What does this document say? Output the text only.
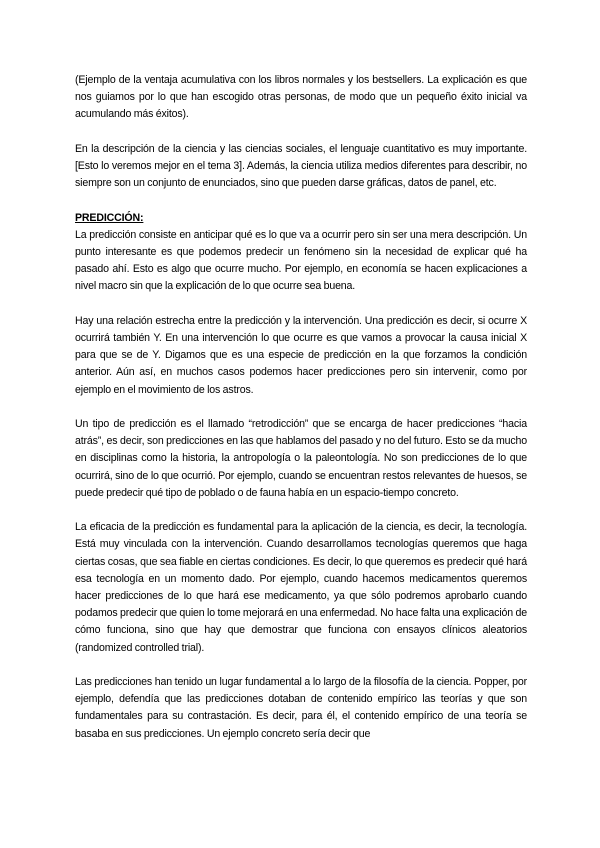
(Ejemplo de la ventaja acumulativa con los libros normales y los bestsellers. La explicación es que nos guiamos por lo que han escogido otras personas, de modo que un pequeño éxito inicial va acumulando más éxitos).

En la descripción de la ciencia y las ciencias sociales, el lenguaje cuantitativo es muy importante. [Esto lo veremos mejor en el tema 3]. Además, la ciencia utiliza medios diferentes para describir, no siempre son un conjunto de enunciados, sino que pueden darse gráficas, datos de panel, etc.

PREDICCIÓN:

La predicción consiste en anticipar qué es lo que va a ocurrir pero sin ser una mera descripción. Un punto interesante es que podemos predecir un fenómeno sin la necesidad de explicar qué ha pasado ahí. Esto es algo que ocurre mucho. Por ejemplo, en economía se hacen explicaciones a nivel macro sin que la explicación de lo que ocurre sea buena.

Hay una relación estrecha entre la predicción y la intervención. Una predicción es decir, si ocurre X ocurrirá también Y. En una intervención lo que ocurre es que vamos a provocar la causa inicial X para que se de Y. Digamos que es una especie de predicción en la que forzamos la condición anterior. Aún así, en muchos casos podemos hacer predicciones pero sin intervenir, como por ejemplo en el movimiento de los astros.

Un tipo de predicción es el llamado “retrodicción” que se encarga de hacer predicciones “hacia atrás”, es decir, son predicciones en las que hablamos del pasado y no del futuro. Esto se da mucho en disciplinas como la historia, la antropología o la paleontología. No son predicciones de lo que ocurrirá, sino de lo que ocurrió. Por ejemplo, cuando se encuentran restos relevantes de huesos, se puede predecir qué tipo de poblado o de fauna había en un espacio-tiempo concreto.

La eficacia de la predicción es fundamental para la aplicación de la ciencia, es decir, la tecnología. Está muy vinculada con la intervención. Cuando desarrollamos tecnologías queremos que haga ciertas cosas, que sea fiable en ciertas condiciones. Es decir, lo que queremos es predecir qué hará esa tecnología en un momento dado. Por ejemplo, cuando hacemos medicamentos queremos hacer predicciones de lo que hará ese medicamento, ya que sólo podremos aprobarlo cuando podamos predecir que quien lo tome mejorará en una enfermedad. No hace falta una explicación de cómo funciona, sino que hay que demostrar que funciona con ensayos clínicos aleatorios (randomized controlled trial).

Las predicciones han tenido un lugar fundamental a lo largo de la filosofía de la ciencia. Popper, por ejemplo, defendía que las predicciones dotaban de contenido empírico las teorías y que son fundamentales para su contrastación. Es decir, para él, el contenido empírico de una teoría se basaba en sus predicciones. Un ejemplo concreto sería decir que
